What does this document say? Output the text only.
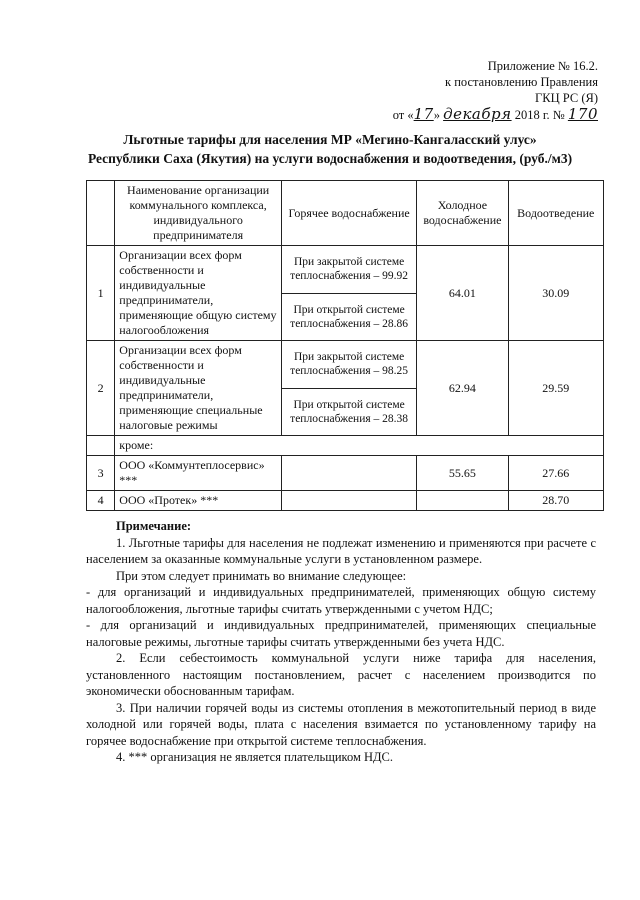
Приложение № 16.2.
к постановлению Правления
ГКЦ РС (Я)
от «17» декабря 2018 г. № 170
Льготные тарифы для населения МР «Мегино-Кангаласский улус»
Республики Саха (Якутия) на услуги водоснабжения и водоотведения, (руб./м3)
	Наименование организации коммунального комплекса, индивидуального предпринимателя	Горячее водоснабжение	Холодное водоснабжение	Водоотведение
1	Организации всех форм собственности и индивидуальные предприниматели, применяющие общую систему налогообложения	При закрытой системе теплоснабжения – 99.92	64.01	30.09
		При открытой системе теплоснабжения – 28.86		
2	Организации всех форм собственности и индивидуальные предприниматели, применяющие специальные налоговые режимы	При закрытой системе теплоснабжения – 98.25	62.94	29.59
		При открытой системе теплоснабжения – 28.38		
	кроме:			
3	ООО «Коммунтеплосервис» ***		55.65	27.66
4	ООО «Протек» ***			28.70

Примечание:

1. Льготные тарифы для населения не подлежат изменению и применяются при расчете с населением за оказанные коммунальные услуги в установленном размере.

При этом следует принимать во внимание следующее:

- для организаций и индивидуальных предпринимателей, применяющих общую систему налогообложения, льготные тарифы считать утвержденными с учетом НДС;

- для организаций и индивидуальных предпринимателей, применяющих специальные налоговые режимы, льготные тарифы считать утвержденными без учета НДС.

2. Если себестоимость коммунальной услуги ниже тарифа для населения, установленного настоящим постановлением, расчет с населением производится по экономически обоснованным тарифам.

3. При наличии горячей воды из системы отопления в межотопительный период в виде холодной или горячей воды, плата с населения взимается по установленному тарифу на горячее водоснабжение при открытой системе теплоснабжения.

4. *** организация не является плательщиком НДС.
